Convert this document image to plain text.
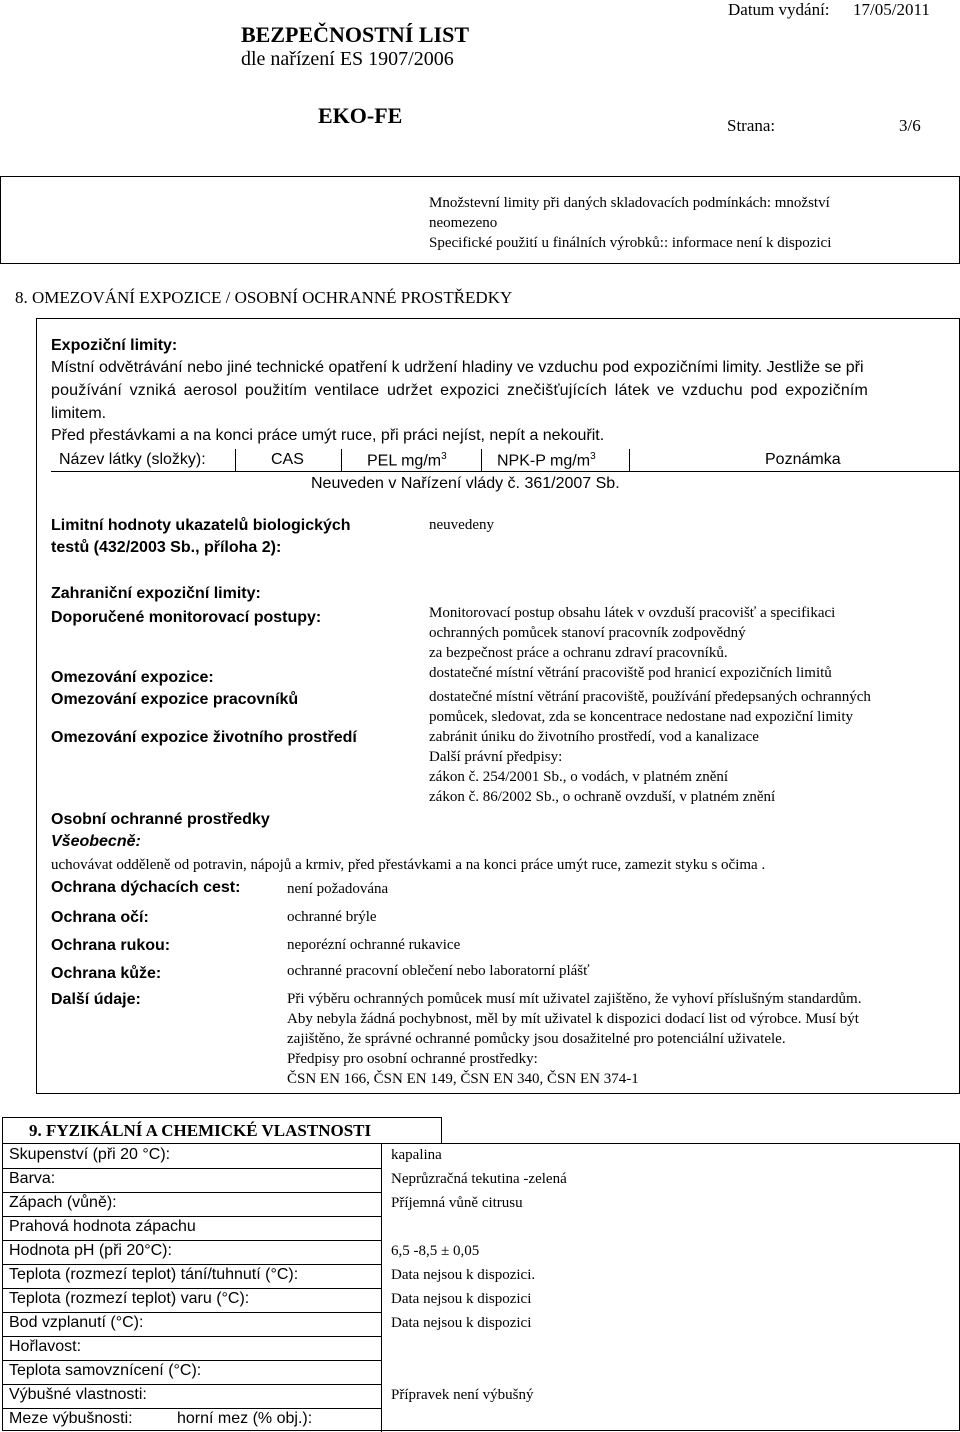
BEZPEČNOSTNÍ LIST
dle nařízení ES 1907/2006
Datum vydání: 17/05/2011
EKO-FE	Strana:	3/6
Množstevní limity při daných skladovacích podmínkách: množství
neomezeno
Specifické použití u finálních výrobků:: informace není k dispozici
8. OMEZOVÁNÍ EXPOZICE / OSOBNÍ OCHRANNÉ PROSTŘEDKY
Expoziční limity:
Místní odvětrávání nebo jiné technické opatření k udržení hladiny ve vzduchu pod expozičními limity. Jestliže se při
používání vzniká aerosol použitím ventilace udržet expozici znečišťujících látek ve vzduchu pod expozičním
limitem.
Před přestávkami a na konci práce umýt ruce, při práci nejíst, nepít a nekouřit.
Název látky (složky):	CAS	PEL $mg/m^3$	NPK-P $mg/m^3$	Poznámka
Neuveden v Nařízení vlády č. 361/2007 Sb.
Limitní hodnoty ukazatelů biologických
testů (432/2003 Sb., příloha 2):
neuvedeny
Zahraniční expoziční limity:
Doporučené monitorovací postupy:	Monitorovací postup obsahu látek v ovzduší pracovišť a specifikaci
ochranných pomůcek stanoví pracovník zodpovědný
za bezpečnost práce a ochranu zdraví pracovníků.
Omezování expozice:	dostatečné místní větrání pracoviště pod hranicí expozičních limitů
Omezování expozice pracovníků	dostatečné místní větrání pracoviště, používání předepsaných ochranných
pomůcek, sledovat, zda se koncentrace nedostane nad expoziční limity
Omezování expozice životního prostředí	zabránit úniku do životního prostředí, vod a kanalizace
Další právní předpisy:
zákon č. 254/2001 Sb., o vodách, v platném znění
zákon č. 86/2002 Sb., o ochraně ovzduší, v platném znění
Osobní ochranné prostředky
Všeobecně:
uchovávat odděleně od potravin, nápojů a krmiv, před přestávkami a na konci práce umýt ruce, zamezit styku s očima .
Ochrana dýchacích cest:	není požadována
Ochrana očí:	ochranné brýle
Ochrana rukou:	neporézní ochranné rukavice
Ochrana kůže:	ochranné pracovní oblečení nebo laboratorní plášť
Další údaje:	Při výběru ochranných pomůcek musí mít uživatel zajištěno, že vyhoví příslušným standardům.
Aby nebyla žádná pochybnost, měl by mít uživatel k dispozici dodací list od výrobce. Musí být
zajištěno, že správné ochranné pomůcky jsou dosažitelné pro potenciální uživatele.
Předpisy pro osobní ochranné prostředky:
ČSN EN 166, ČSN EN 149, ČSN EN 340, ČSN EN 374-1
9. FYZIKÁLNÍ A CHEMICKÉ VLASTNOSTI
Skupenství (při 20 °C):	kapalina
Barva:	Neprůzračná tekutina -zelená
Zápach (vůně):	Příjemná vůně citrusu
Prahová hodnota zápachu
Hodnota pH (při 20°C):	6,5 -8,5 ± 0,05
Teplota (rozmezí teplot) tání/tuhnutí (°C):	Data nejsou k dispozici.
Teplota (rozmezí teplot) varu (°C):	Data nejsou k dispozici
Bod vzplanutí (°C):	Data nejsou k dispozici
Hořlavost:
Teplota samovznícení (°C):
Výbušné vlastnosti:	Přípravek není výbušný
Meze výbušnosti:	horní mez (% obj.):
